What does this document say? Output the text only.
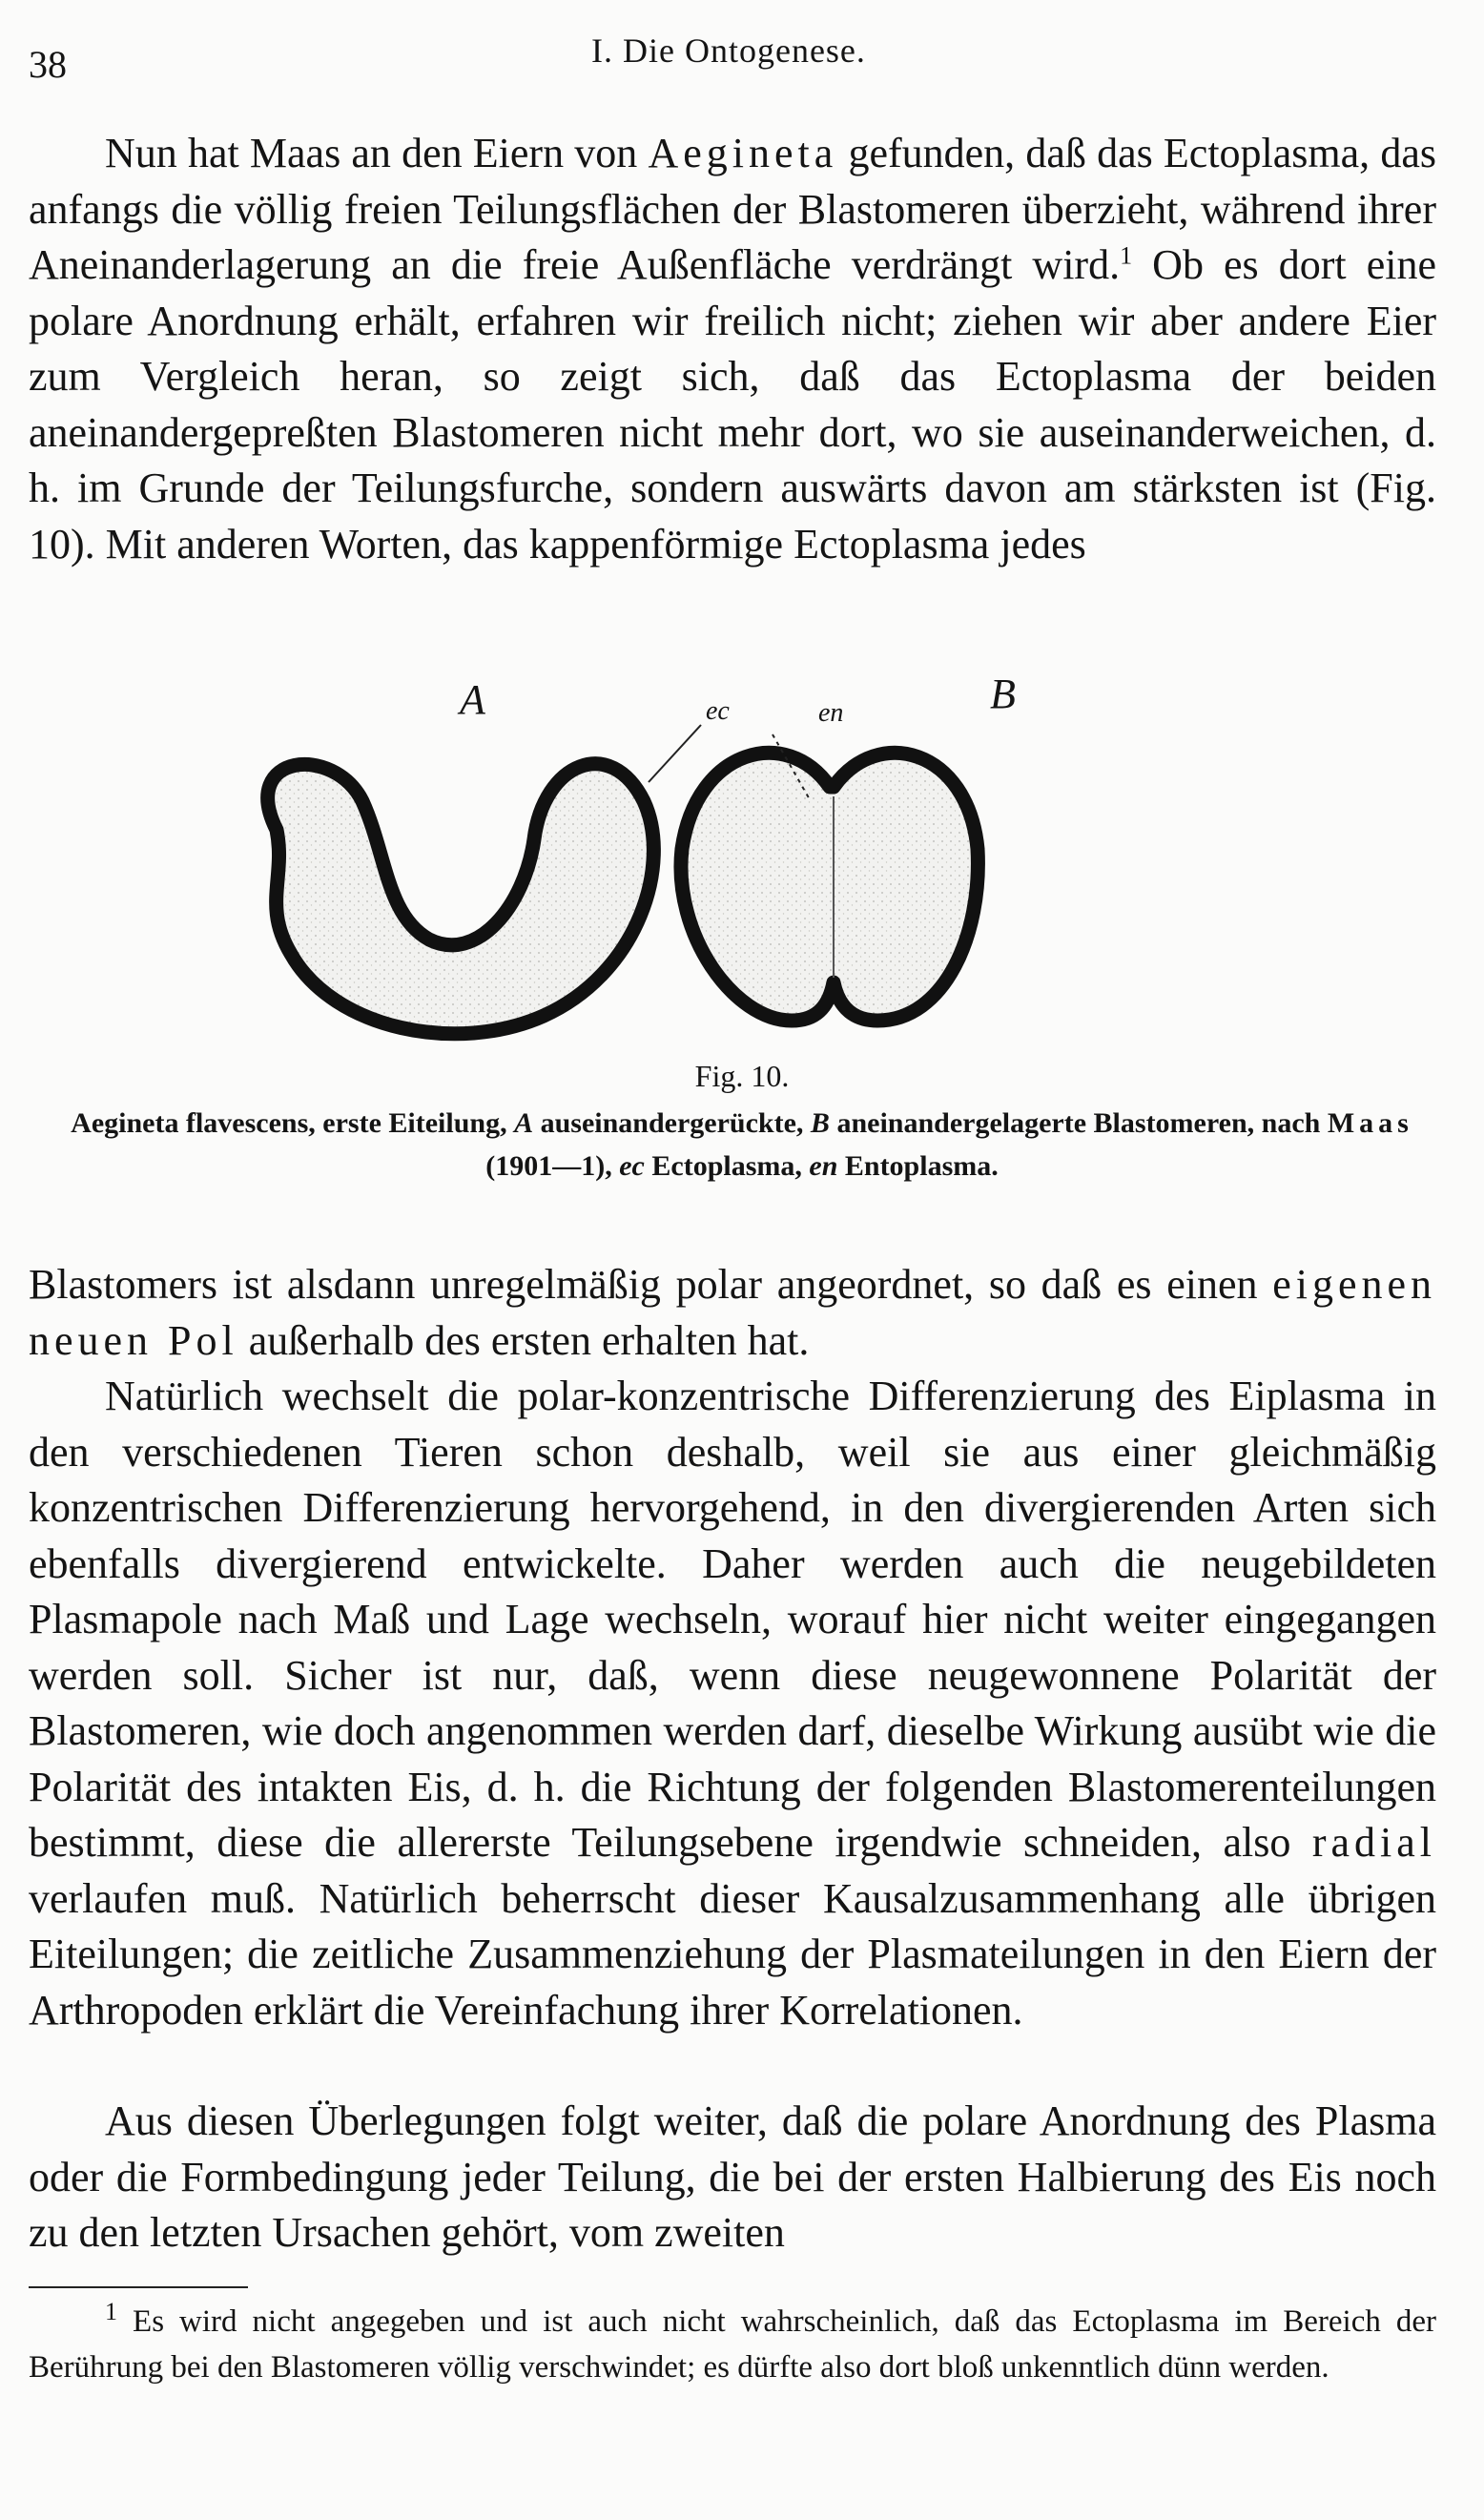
38	I. Die Ontogenese.

Nun hat Maas an den Eiern von Aegineta gefunden, daß das Ectoplasma, das anfangs die völlig freien Teilungsflächen der Blastomeren überzieht, während ihrer Aneinanderlagerung an die freie Außenfläche verdrängt wird.$^1$ Ob es dort eine polare Anordnung erhält, erfahren wir freilich nicht; ziehen wir aber andere Eier zum Vergleich heran, so zeigt sich, daß das Ectoplasma der beiden aneinandergepreßten Blastomeren nicht mehr dort, wo sie auseinanderweichen, d. h. im Grunde der Teilungsfurche, sondern auswärts davon am stärksten ist (Fig. 10). Mit anderen Worten, das kappenförmige Ectoplasma jedes

A	B
ec	en
Fig. 10.
Aegineta flavescens, erste Eiteilung, A auseinandergerückte, B aneinandergelagerte Blastomeren, nach Maas (1901—1), ec Ectoplasma, en Entoplasma.

Blastomers ist alsdann unregelmäßig polar angeordnet, so daß es einen eigenen neuen Pol außerhalb des ersten erhalten hat.

Natürlich wechselt die polar-konzentrische Differenzierung des Eiplasma in den verschiedenen Tieren schon deshalb, weil sie aus einer gleichmäßig konzentrischen Differenzierung hervorgehend, in den divergierenden Arten sich ebenfalls divergierend entwickelte. Daher werden auch die neugebildeten Plasmapole nach Maß und Lage wechseln, worauf hier nicht weiter eingegangen werden soll. Sicher ist nur, daß, wenn diese neugewonnene Polarität der Blastomeren, wie doch angenommen werden darf, dieselbe Wirkung ausübt wie die Polarität des intakten Eis, d. h. die Richtung der folgenden Blastomerenteilungen bestimmt, diese die allererste Teilungsebene irgendwie schneiden, also radial verlaufen muß. Natürlich beherrscht dieser Kausalzusammenhang alle übrigen Eiteilungen; die zeitliche Zusammenziehung der Plasmateilungen in den Eiern der Arthropoden erklärt die Vereinfachung ihrer Korrelationen.

Aus diesen Überlegungen folgt weiter, daß die polare Anordnung des Plasma oder die Formbedingung jeder Teilung, die bei der ersten Halbierung des Eis noch zu den letzten Ursachen gehört, vom zweiten

$^1$ Es wird nicht angegeben und ist auch nicht wahrscheinlich, daß das Ectoplasma im Bereich der Berührung bei den Blastomeren völlig verschwindet; es dürfte also dort bloß unkenntlich dünn werden.
